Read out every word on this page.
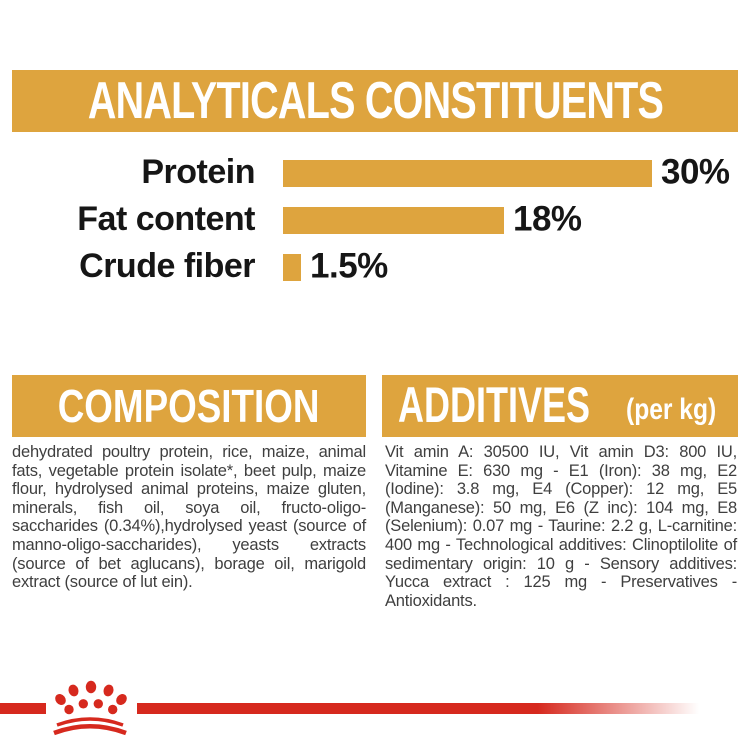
ANALYTICALS CONSTITUENTS
Protein	30%
Fat content	18%
Crude fiber 1.5%
COMPOSITION
dehydrated poultry protein, rice, maize, animal fats, vegetable protein isolate*, beet pulp, maize flour, hydrolysed animal proteins, maize gluten, minerals, fish oil, soya oil, fructo-oligo-saccharides (0.34%),hydrolysed yeast (source of manno-oligo-saccharides), yeasts extracts (source of bet aglucans), borage oil, marigold extract (source of lut ein).
ADDITIVES (per kg)
Vit amin A: 30500 IU, Vit amin D3: 800 IU, Vitamine E: 630 mg - E1 (Iron): 38 mg, E2 (Iodine): 3.8 mg, E4 (Copper): 12 mg, E5 (Manganese): 50 mg, E6 (Z inc): 104 mg, E8 (Selenium): 0.07 mg - Taurine: 2.2 g, L-carnitine: 400 mg - Technological additives: Clinoptilolite of sedimentary origin: 10 g - Sensory additives: Yucca extract : 125 mg - Preservatives -Antioxidants.
